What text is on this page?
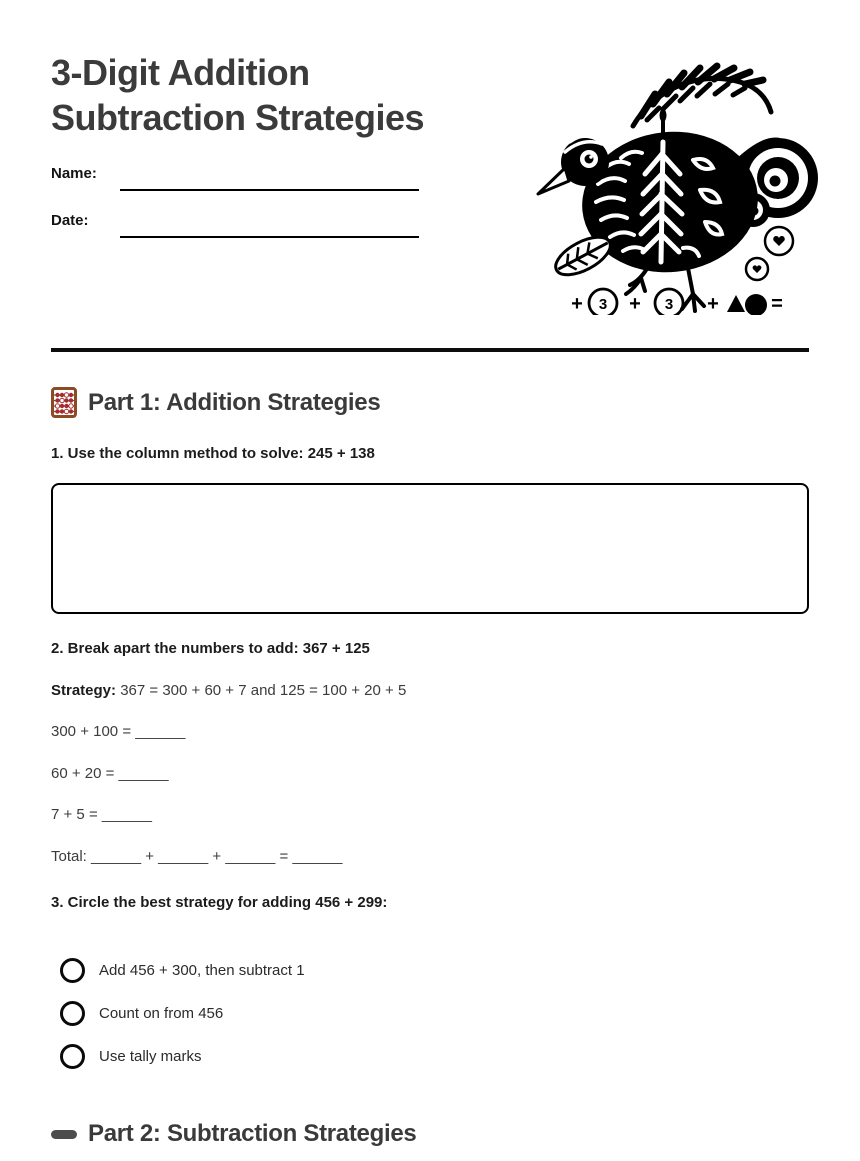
3-Digit Addition
Subtraction Strategies
Name:
Date:
+ 3 + 3 +	=
Part 1: Addition Strategies
1. Use the column method to solve: 245 + 138
2. Break apart the numbers to add: 367 + 125
Strategy: 367 = 300 + 60 + 7 and 125 = 100 + 20 + 5
300 + 100 = ______
60 + 20 = ______
7 + 5 = ______
Total: ______ + ______ + ______ = ______
3. Circle the best strategy for adding 456 + 299:
Add 456 + 300, then subtract 1
Count on from 456
Use tally marks
Part 2: Subtraction Strategies
